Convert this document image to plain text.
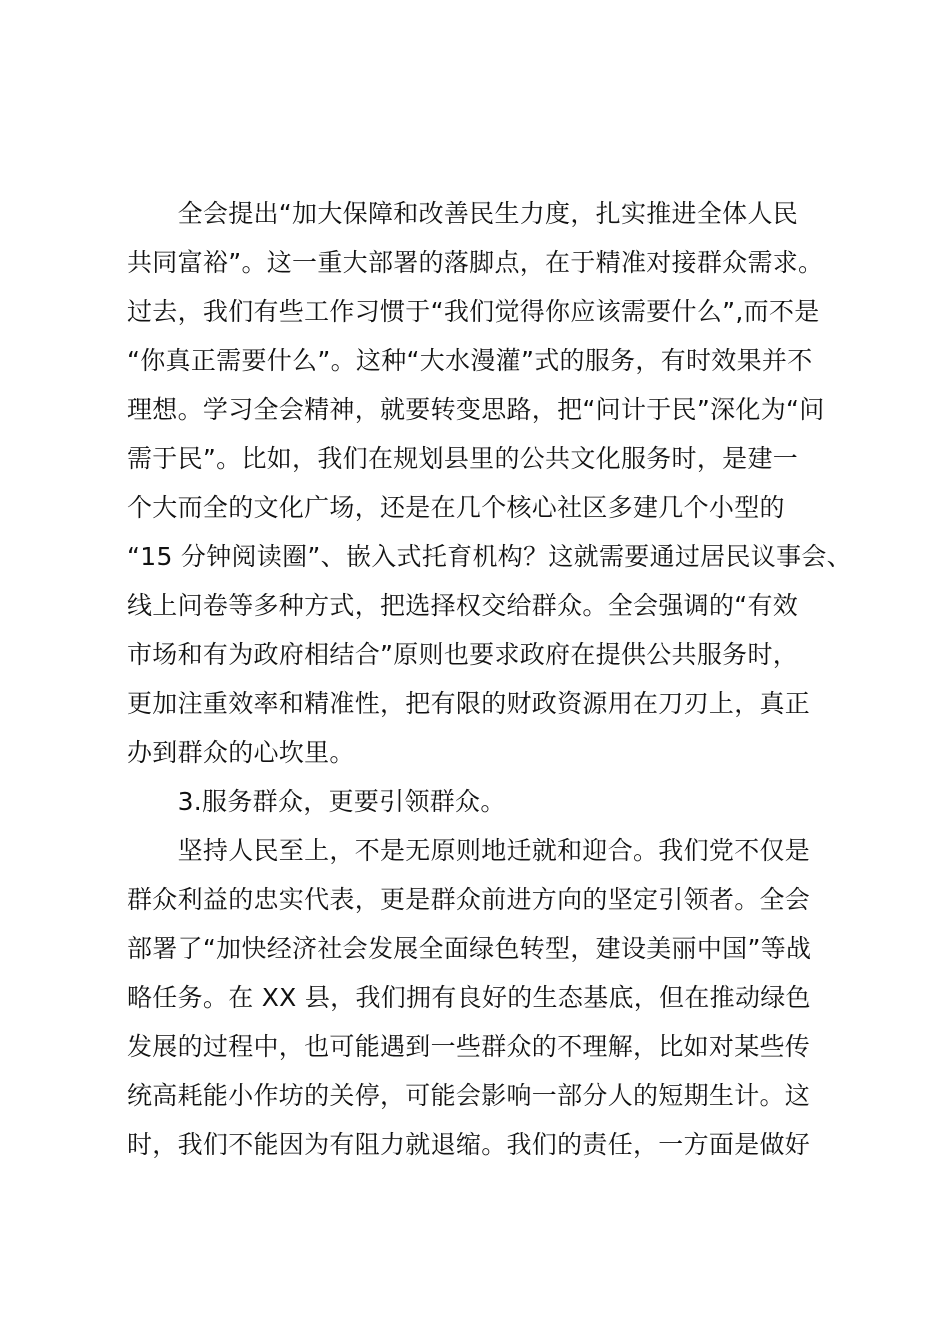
　　全会提出“加大保障和改善民生力度，扎实推进全体人民
共同富裕”。这一重大部署的落脚点，在于精准对接群众需求。
过去，我们有些工作习惯于“我们觉得你应该需要什么”,而不是
“你真正需要什么”。这种“大水漫灌”式的服务，有时效果并不
理想。学习全会精神，就要转变思路，把“问计于民”深化为“问
需于民”。比如，我们在规划县里的公共文化服务时，是建一
个大而全的文化广场，还是在几个核心社区多建几个小型的
“15 分钟阅读圈”、嵌入式托育机构？这就需要通过居民议事会、
线上问卷等多种方式，把选择权交给群众。全会强调的“有效
市场和有为政府相结合”原则也要求政府在提供公共服务时，
更加注重效率和精准性，把有限的财政资源用在刀刃上，真正
办到群众的心坎里。
　　3.服务群众，更要引领群众。
　　坚持人民至上，不是无原则地迁就和迎合。我们党不仅是
群众利益的忠实代表，更是群众前进方向的坚定引领者。全会
部署了“加快经济社会发展全面绿色转型，建设美丽中国”等战
略任务。在 XX 县，我们拥有良好的生态基底，但在推动绿色
发展的过程中，也可能遇到一些群众的不理解，比如对某些传
统高耗能小作坊的关停，可能会影响一部分人的短期生计。这
时，我们不能因为有阻力就退缩。我们的责任，一方面是做好
